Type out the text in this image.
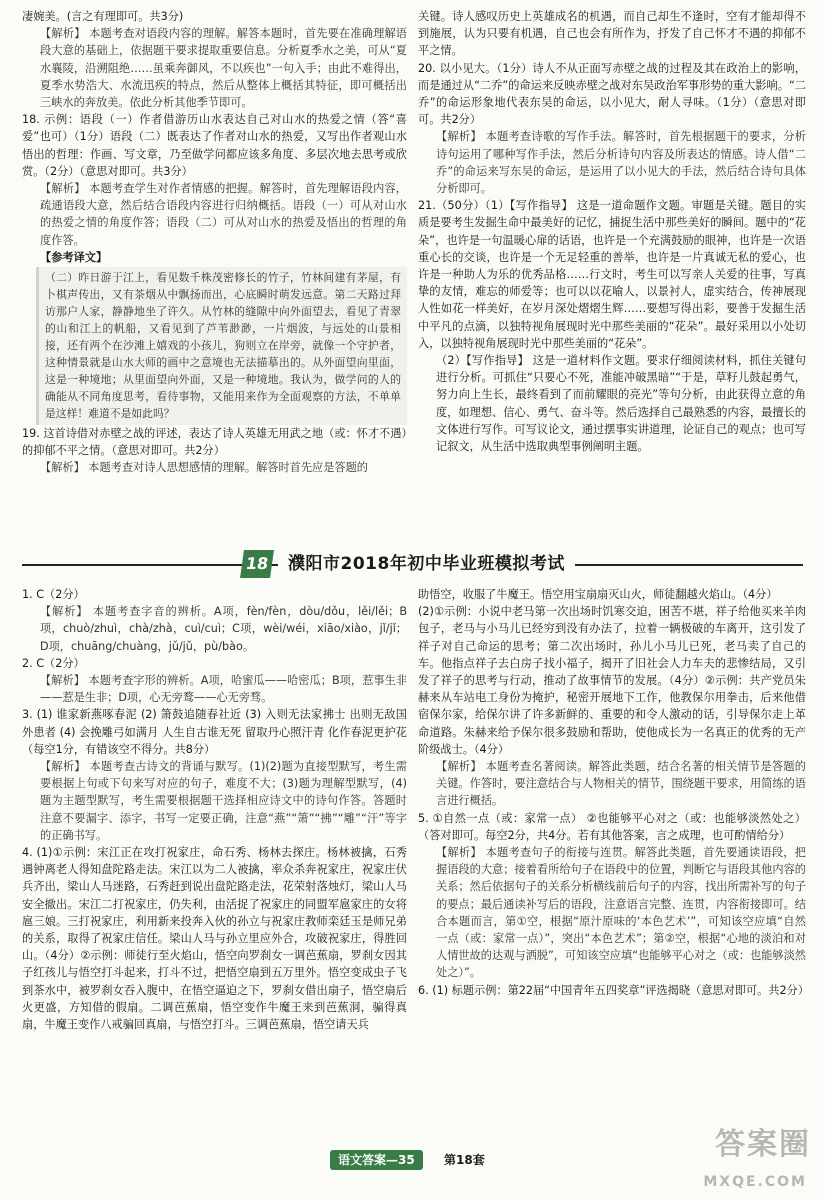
凄婉美。(言之有理即可。共3分)

【解析】 本题考查对语段内容的理解。解答本题时，首先要在准确理解语段大意的基础上，依据题干要求提取重要信息。分析夏季水之美，可从“夏水襄陵，沿溯阻绝……虽乘奔御风，不以疾也”一句入手；由此不难得出，夏季水势浩大、水流迅疾的特点，然后从整体上概括其特征，即可概括出三峡水的奔放美。依此分析其他季节即可。

18. 示例：语段（一）作者借游历山水表达自己对山水的热爱之情（答“喜爱”也可）（1分）语段（二）既表达了作者对山水的热爱，又写出作者观山水悟出的哲理：作画、写文章，乃至做学问都应该多角度、多层次地去思考或欣赏。（2分）（意思对即可。共3分）

【解析】 本题考查学生对作者情感的把握。解答时，首先理解语段内容，疏通语段大意，然后结合语段内容进行归纳概括。语段（一）可从对山水的热爱之情的角度作答；语段（二）可从对山水的热爱及悟出的哲理的角度作答。

【参考译文】

（二）昨日游于江上，看见数千株茂密修长的竹子，竹林间建有茅屋，有卜棋声传出，又有茶烟从中飘扬而出，心底瞬时萌发远意。第二天路过拜访那户人家，静静地坐了许久。从竹林的缝隙中向外面望去，看见了青翠的山和江上的帆船，又看见到了芦苇渺渺，一片烟波，与远处的山景相接，还有两个在沙滩上嬉戏的小孩儿，狗则立在岸旁，就像一个守护者，这种情景就是山水大师的画中之意境也无法描摹出的。从外面望向里面，这是一种境地；从里面望向外面，又是一种境地。我认为，做学问的人的确能从不同角度思考，看待事物，又能用来作为全面观察的方法，不单单是这样！难道不是如此吗？

19. 这首诗借对赤壁之战的评述，表达了诗人英雄无用武之地（或：怀才不遇）的抑郁不平之情。（意思对即可。共2分）

【解析】 本题考查对诗人思想感情的理解。解答时首先应是答题的

关键。诗人感叹历史上英雄成名的机遇，而自己却生不逢时，空有才能却得不到施展，认为只要有机遇，自己也会有所作为，抒发了自己怀才不遇的抑郁不平之情。

20. 以小见大。（1分）诗人不从正面写赤壁之战的过程及其在政治上的影响，而是通过从“二乔”的命运来反映赤壁之战对东吴政治军事形势的重大影响。“二乔”的命运形象地代表东吴的命运，以小见大，耐人寻味。（1分）（意思对即可。共2分）

【解析】 本题考查诗歌的写作手法。解答时，首先根据题干的要求，分析诗句运用了哪种写作手法，然后分析诗句内容及所表达的情感。诗人借“二乔”的命运来写东吴的命运，是运用了以小见大的手法，然后结合诗句具体分析即可。

21.（50分）（1）【写作指导】 这是一道命题作文题。审题是关键。题目的实质是要考生发掘生命中最美好的记忆，捕捉生活中那些美好的瞬间。题中的“花朵”，也许是一句温暖心扉的话语，也许是一个充满鼓励的眼神，也许是一次语重心长的交谈，也许是一个无足轻重的善举，也许是一片真诚无私的爱心，也许是一种助人为乐的优秀品格……行文时，考生可以写亲人关爱的往事，写真挚的友情，难忘的师爱等；也可以以花喻人，以景衬人，虚实结合，传神展现人性如花一样美好，在岁月深处熠熠生辉……要想写得出彩，要善于发掘生活中平凡的点滴，以独特视角展现时光中那些美丽的“花朵”。最好采用以小处切入，以独特视角展现时光中那些美丽的“花朵”。

（2）【写作指导】 这是一道材料作文题。要求仔细阅读材料，抓住关键句进行分析。可抓住“只要心不死，准能冲破黑暗”“于是，草籽儿鼓起勇气，努力向上生长，最终看到了而前耀眼的亮光”等句分析，由此获得立意的角度，如理想、信心、勇气、奋斗等。然后选择自己最熟悉的内容，最擅长的文体进行写作。可写议论文，通过摆事实讲道理，论证自己的观点；也可写记叙文，从生活中选取典型事例阐明主题。

18	濮阳市2018年初中毕业班模拟考试

1. C（2分）

【解析】 本题考查字音的辨析。A项，fèn/fèn，dòu/dǒu，lěi/lěi；B项，chuò/zhuì，chà/zhà，cuì/cuì；C项，wèi/wéi，xiāo/xiào，jǐ/jǐ；D项，chuāng/chuàng，jǔ/jǔ，pù/bào。

2. C（2分）

【解析】 本题考查字形的辨析。A项，哈蜜瓜——哈密瓜；B项，惹事生非——惹是生非；D项，心无旁鹜——心无旁骛。

3. (1) 谁家新燕啄春泥 (2) 箫鼓追随春社近 (3) 入则无法家拂士 出则无敌国外患者 (4) 会挽雕弓如满月 人生自古谁无死 留取丹心照汗青 化作春泥更护花（每空1分，有错该空不得分。共8分）

【解析】 本题考查古诗文的背诵与默写。(1)(2)题为直接型默写，考生需要根据上句或下句来写对应的句子，难度不大；(3)题为理解型默写，(4)题为主题型默写，考生需要根据题干选择相应诗文中的诗句作答。答题时注意不要漏字、添字，书写一定要正确，注意“燕”“箫”“拂”“雕”“汗”等字的正确书写。

4. (1)①示例：宋江正在攻打祝家庄，命石秀、杨林去探庄。杨林被擒，石秀遇钟离老人得知盘陀路走法。宋江以为二人被擒，率众杀奔祝家庄，祝家庄伏兵齐出，梁山人马迷路，石秀赶到说出盘陀路走法，花荣射落烛灯，梁山人马安全撤出。宋江二打祝家庄，仍失利，由活捉了祝家庄的同盟军扈家庄的女将扈三娘。三打祝家庄，利用新来投奔入伙的孙立与祝家庄教师栾廷玉是师兄弟的关系，取得了祝家庄信任。梁山人马与孙立里应外合，攻破祝家庄，得胜回山。（4分）②示例：师徒行至火焰山，悟空向罗刹女一调芭蕉扇，罗刹女因其子红孩儿与悟空打斗起来，打斗不过，把悟空扇到五万里外。悟空变成虫子飞到茶水中，被罗刹女吞入腹中，在悟空逼迫之下，罗刹女借出扇子，悟空扇后火更盛，方知借的假扇。二调芭蕉扇，悟空变作牛魔王来到芭蕉洞，骗得真扇，牛魔王变作八戒骗回真扇，与悟空打斗。三调芭蕉扇，悟空请天兵

助悟空，收服了牛魔王。悟空用宝扇扇灭山火，师徒翻越火焰山。（4分）

(2)①示例：小说中老马第一次出场时饥寒交迫，困苦不堪，祥子给他买来羊肉包子，老马与小马儿已经穷到没有办法了，拉着一辆极破的车离开，这引发了祥子对自己命运的思考；第二次出场时，孙儿小马儿已死，老马卖了自己的车。他指点祥子去白房子找小福子，揭开了旧社会人力车夫的悲惨结局，又引发了祥子的思考与行动，推动了故事情节的发展。（4分）②示例：共产党员朱赫来从车站电工身份为掩护，秘密开展地下工作，他教保尔用拳击，后来他借宿保尔家，给保尔讲了许多新鲜的、重要的和令人激动的话，引导保尔走上革命道路。朱赫来给予保尔很多鼓励和帮助，使他成长为一名真正的优秀的无产阶级战士。（4分）

【解析】 本题考查名著阅读。解答此类题，结合名著的相关情节是答题的关键。作答时，要注意结合与人物相关的情节，围绕题干要求，用简练的语言进行概括。

5. ①自然一点（或：家常一点） ②也能够平心对之（或：也能够淡然处之）（答对即可。每空2分，共4分。若有其他答案，言之成理，也可酌情给分）

【解析】 本题考查句子的衔接与连贯。解答此类题，首先要通读语段，把握语段的大意；接着看所给句子在语段中的位置，判断它与语段其他内容的关系；然后依据句子的关系分析横线前后句子的内容，找出所需补写的句子的要点；最后通读补写后的语段，注意语言完整、连贯，内容衔接即可。结合本题而言，第①空，根据“原汁原味的‘本色艺术’”，可知该空应填“自然一点（或：家常一点）”，突出“本色艺术”；第②空，根据“心地的淡泊和对人情世故的达观与洒脱”，可知该空应填“也能够平心对之（或：也能够淡然处之）”。

6. (1) 标题示例：第22届“中国青年五四奖章”评选揭晓（意思对即可。共2分）

语文答案—35	第18套	答案圈
MXQE.COM
